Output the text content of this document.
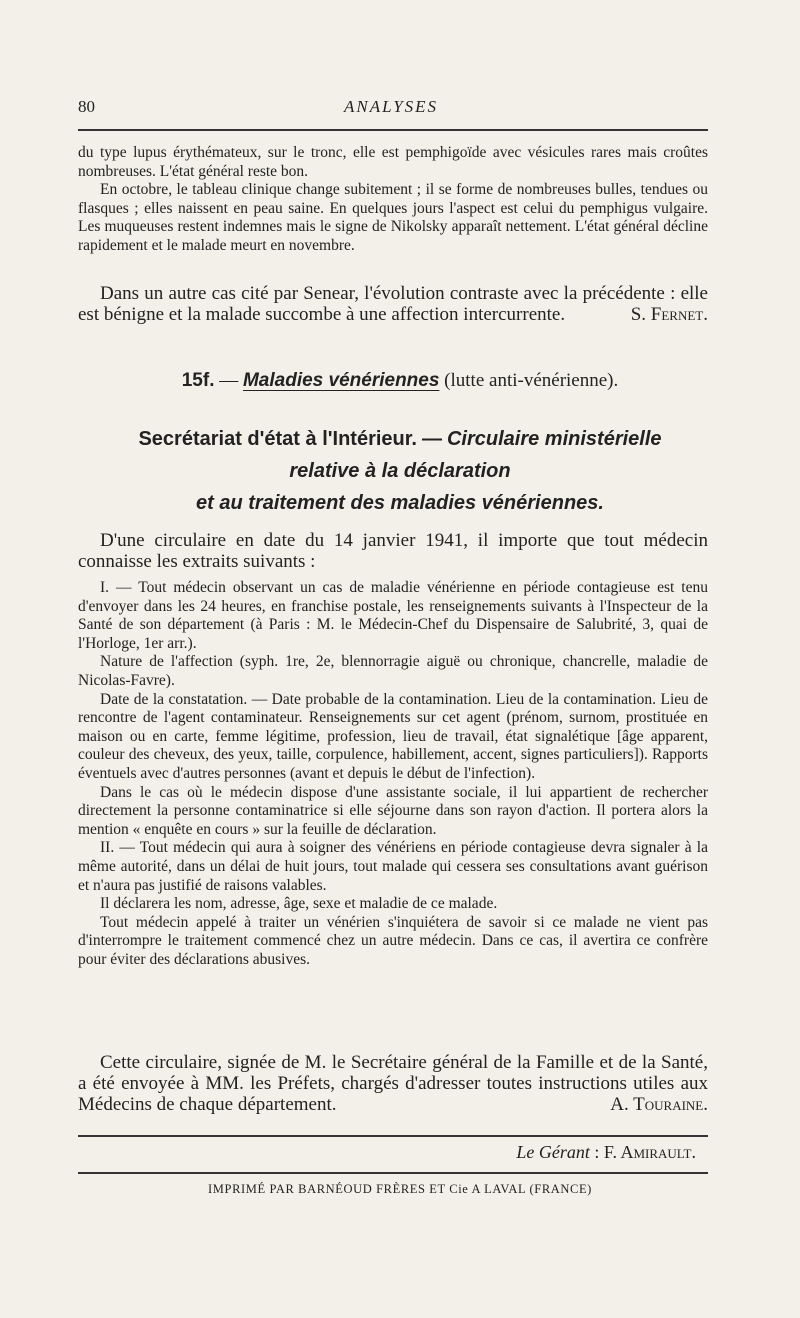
80	ANALYSES

du type lupus érythémateux, sur le tronc, elle est pemphigoïde avec vésicules rares mais croûtes nombreuses. L'état général reste bon.

En octobre, le tableau clinique change subitement ; il se forme de nombreuses bulles, tendues ou flasques ; elles naissent en peau saine. En quelques jours l'aspect est celui du pemphigus vulgaire. Les muqueuses restent indemnes mais le signe de Nikolsky apparaît nettement. L'état général décline rapidement et le malade meurt en novembre.

Dans un autre cas cité par Senear, l'évolution contraste avec la précédente : elle est bénigne et la malade succombe à une affection intercurrente.	S. Fernet.

15f. — Maladies vénériennes (lutte anti-vénérienne).
Secrétariat d'état à l'Intérieur. — Circulaire ministérielle
relative à la déclaration
et au traitement des maladies vénériennes.

D'une circulaire en date du 14 janvier 1941, il importe que tout médecin connaisse les extraits suivants :

I. — Tout médecin observant un cas de maladie vénérienne en période contagieuse est tenu d'envoyer dans les 24 heures, en franchise postale, les renseignements suivants à l'Inspecteur de la Santé de son département (à Paris : M. le Médecin-Chef du Dispensaire de Salubrité, 3, quai de l'Horloge, 1er arr.).

Nature de l'affection (syph. 1re, 2e, blennorragie aiguë ou chronique, chancrelle, maladie de Nicolas-Favre).

Date de la constatation. — Date probable de la contamination. Lieu de la contamination. Lieu de rencontre de l'agent contaminateur. Renseignements sur cet agent (prénom, surnom, prostituée en maison ou en carte, femme légitime, profession, lieu de travail, état signalétique [âge apparent, couleur des cheveux, des yeux, taille, corpulence, habillement, accent, signes particuliers]). Rapports éventuels avec d'autres personnes (avant et depuis le début de l'infection).

Dans le cas où le médecin dispose d'une assistante sociale, il lui appartient de rechercher directement la personne contaminatrice si elle séjourne dans son rayon d'action. Il portera alors la mention « enquête en cours » sur la feuille de déclaration.

II. — Tout médecin qui aura à soigner des vénériens en période contagieuse devra signaler à la même autorité, dans un délai de huit jours, tout malade qui cessera ses consultations avant guérison et n'aura pas justifié de raisons valables.

Il déclarera les nom, adresse, âge, sexe et maladie de ce malade.

Tout médecin appelé à traiter un vénérien s'inquiétera de savoir si ce malade ne vient pas d'interrompre le traitement commencé chez un autre médecin. Dans ce cas, il avertira ce confrère pour éviter des déclarations abusives.

Cette circulaire, signée de M. le Secrétaire général de la Famille et de la Santé, a été envoyée à MM. les Préfets, chargés d'adresser toutes instructions utiles aux Médecins de chaque département.	A. Touraine.

Le Gérant : F. Amirault.
IMPRIMÉ PAR BARNÉOUD FRÈRES ET Cie A LAVAL (FRANCE)
